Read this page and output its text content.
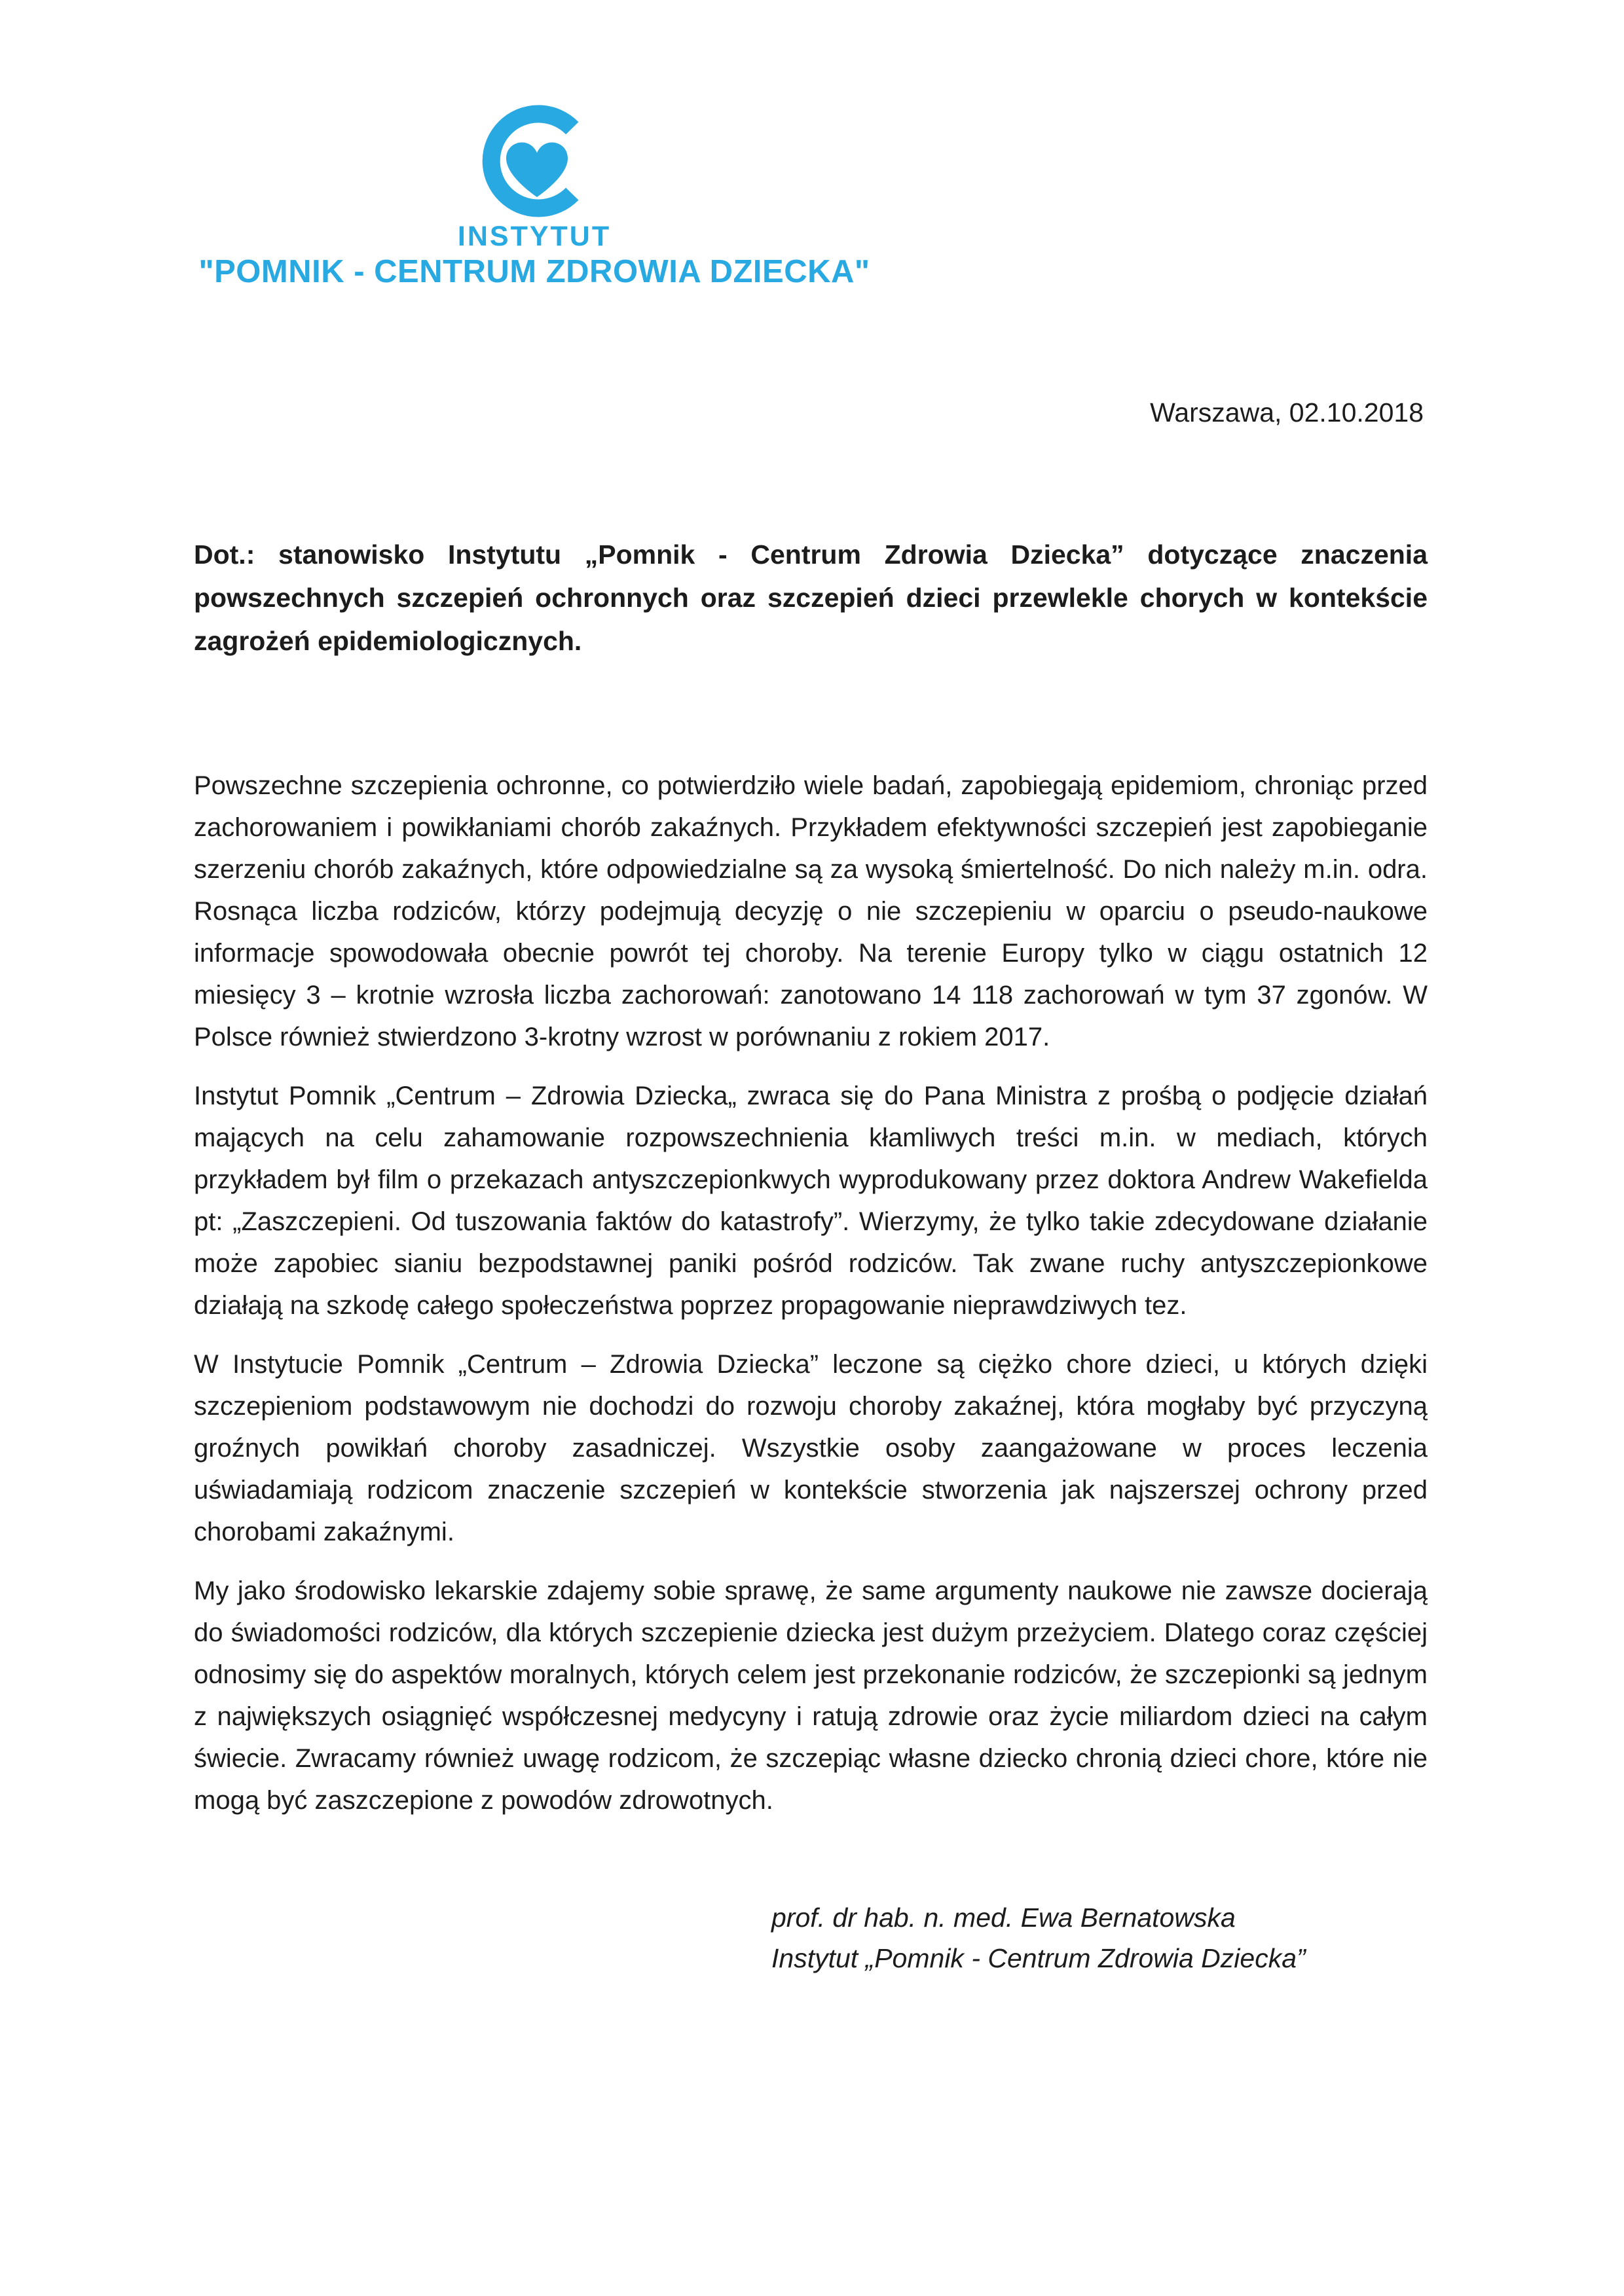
INSTYTUT
"POMNIK - CENTRUM ZDROWIA DZIECKA"

Warszawa, 02.10.2018

Dot.: stanowisko Instytutu „Pomnik - Centrum Zdrowia Dziecka” dotyczące znaczenia powszechnych szczepień ochronnych oraz szczepień dzieci przewlekle chorych w kontekście zagrożeń epidemiologicznych.

Powszechne szczepienia ochronne, co potwierdziło wiele badań, zapobiegają epidemiom, chroniąc przed zachorowaniem i powikłaniami chorób zakaźnych. Przykładem efektywności szczepień jest zapobieganie szerzeniu chorób zakaźnych, które odpowiedzialne są za wysoką śmiertelność. Do nich należy m.in. odra. Rosnąca liczba rodziców, którzy podejmują decyzję o nie szczepieniu w oparciu o pseudo-naukowe informacje spowodowała obecnie powrót tej choroby. Na terenie Europy tylko w ciągu ostatnich 12 miesięcy 3 – krotnie wzrosła liczba zachorowań: zanotowano 14 118 zachorowań w tym 37 zgonów. W Polsce również stwierdzono 3-krotny wzrost w porównaniu z rokiem 2017.

Instytut Pomnik „Centrum – Zdrowia Dziecka„ zwraca się do Pana Ministra z prośbą o podjęcie działań mających na celu zahamowanie rozpowszechnienia kłamliwych treści m.in. w mediach, których przykładem był film o przekazach antyszczepionkwych wyprodukowany przez doktora Andrew Wakefielda pt: „Zaszczepieni. Od tuszowania faktów do katastrofy”. Wierzymy, że tylko takie zdecydowane działanie może zapobiec sianiu bezpodstawnej paniki pośród rodziców. Tak zwane ruchy antyszczepionkowe działają na szkodę całego społeczeństwa poprzez propagowanie nieprawdziwych tez.

W Instytucie Pomnik „Centrum – Zdrowia Dziecka” leczone są ciężko chore dzieci, u których dzięki szczepieniom podstawowym nie dochodzi do rozwoju choroby zakaźnej, która mogłaby być przyczyną groźnych powikłań choroby zasadniczej. Wszystkie osoby zaangażowane w proces leczenia uświadamiają rodzicom znaczenie szczepień w kontekście stworzenia jak najszerszej ochrony przed chorobami zakaźnymi.

My jako środowisko lekarskie zdajemy sobie sprawę, że same argumenty naukowe nie zawsze docierają do świadomości rodziców, dla których szczepienie dziecka jest dużym przeżyciem. Dlatego coraz częściej odnosimy się do aspektów moralnych, których celem jest przekonanie rodziców, że szczepionki są jednym z największych osiągnięć współczesnej medycyny i ratują zdrowie oraz życie miliardom dzieci na całym świecie. Zwracamy również uwagę rodzicom, że szczepiąc własne dziecko chronią dzieci chore, które nie mogą być zaszczepione z powodów zdrowotnych.

prof. dr hab. n. med. Ewa Bernatowska
Instytut „Pomnik - Centrum Zdrowia Dziecka”
